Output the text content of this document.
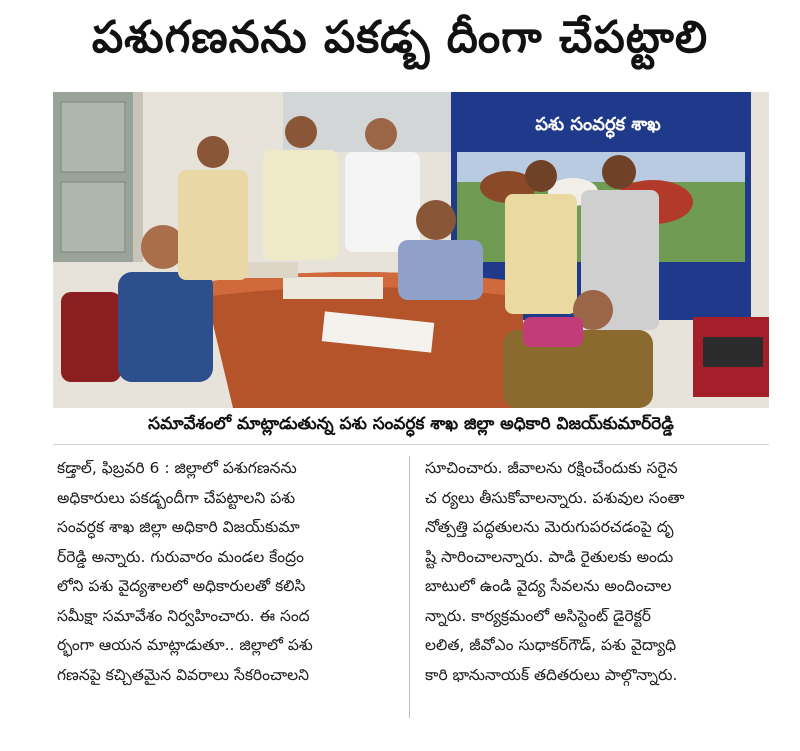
పశుగణనను పకడ్బ దీంగా చేపట్టాలి
పశు సంవర్ధక శాఖ
సమావేశంలో మాట్లాడుతున్న పశు సంవర్ధక శాఖ జిల్లా అధికారి విజయ్‌కుమార్‌రెడ్డి
కడ్తాల్, ఫిబ్రవరి 6 : జిల్లాలో పశుగణనను
అధికారులు పకడ్బందీగా చేపట్టాలని పశు
సంవర్ధక శాఖ జిల్లా అధికారి విజయ్‌కుమా
ర్‌రెడ్డి అన్నారు. గురువారం మండల కేంద్రం
లోని పశు వైద్యశాలలో అధికారులతో కలిసి
సమీక్షా సమావేశం నిర్వహించారు. ఈ సంద
ర్భంగా ఆయన మాట్లాడుతూ.. జిల్లాలో పశు
గణనపై కచ్చితమైన వివరాలు సేకరించాలని
సూచించారు. జీవాలను రక్షించేందుకు సరైన
చ ర్యలు తీసుకోవాలన్నారు. పశువుల సంతా
నోత్పత్తి పద్ధతులను మెరుగుపరచడంపై దృ
ష్టి సారించాలన్నారు. పాడి రైతులకు అందు
బాటులో ఉండి వైద్య సేవలను అందించాల
న్నారు. కార్యక్రమంలో అసిస్టెంట్ డైరెక్టర్
లలిత, జీవోఎం సుధాకర్‌గౌడ్, పశు వైద్యాధి
కారి భానునాయక్ తదితరులు పాల్గొన్నారు.
